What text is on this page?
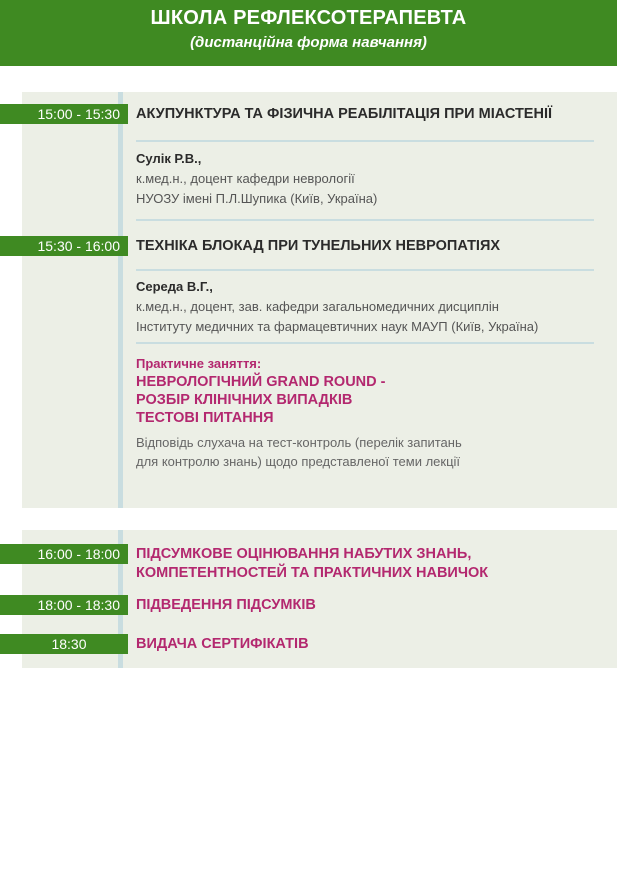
ШКОЛА РЕФЛЕКСОТЕРАПЕВТА
(дистанційна форма навчання)
15:00 - 15:30	АКУПУНКТУРА ТА ФІЗИЧНА РЕАБІЛІТАЦІЯ ПРИ МІАСТЕНІЇ
Сулік Р.В.,
к.мед.н., доцент кафедри неврології
НУОЗУ імені П.Л.Шупика (Київ, Україна)
15:30 - 16:00	ТЕХНІКА БЛОКАД ПРИ ТУНЕЛЬНИХ НЕВРОПАТІЯХ
Середа В.Г.,
к.мед.н., доцент, зав. кафедри загальномедичних дисциплін
Інституту медичних та фармацевтичних наук МАУП (Київ, Україна)
Практичне заняття:
НЕВРОЛОГІЧНИЙ GRAND ROUND -
РОЗБІР КЛІНІЧНИХ ВИПАДКІВ
ТЕСТОВІ ПИТАННЯ
Відповідь слухача на тест-контроль (перелік запитань
для контролю знань) щодо представленої теми лекції
16:00 - 18:00	ПІДСУМКОВЕ ОЦІНЮВАННЯ НАБУТИХ ЗНАНЬ,
КОМПЕТЕНТНОСТЕЙ ТА ПРАКТИЧНИХ НАВИЧОК
18:00 - 18:30	ПІДВЕДЕННЯ ПІДСУМКІВ
18:30	ВИДАЧА СЕРТИФІКАТІВ
